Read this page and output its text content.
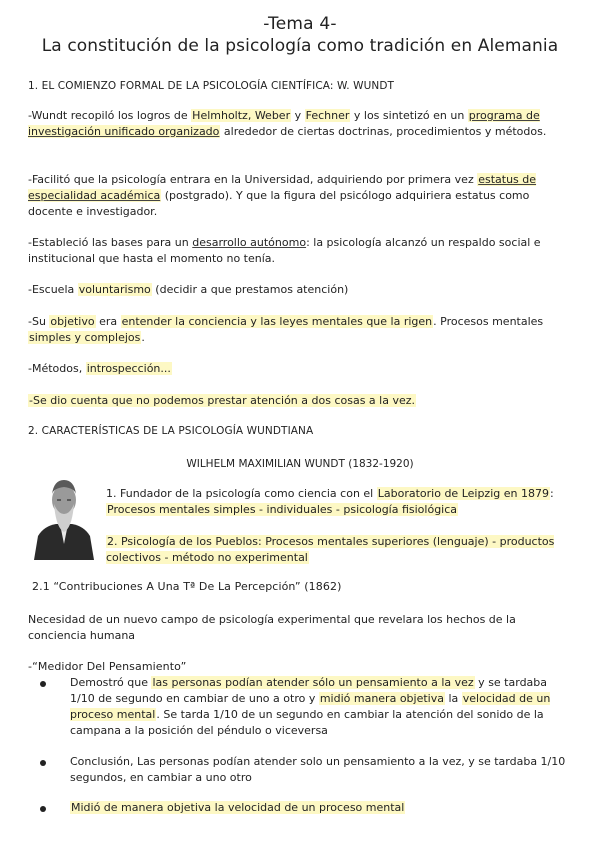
-Tema 4-
La constitución de la psicología como tradición en Alemania
1. EL COMIENZO FORMAL DE LA PSICOLOGÍA CIENTÍFICA: W. WUNDT
-Wundt recopiló los logros de Helmholtz, Weber y Fechner y los sintetizó en un programa de investigación unificado organizado alrededor de ciertas doctrinas, procedimientos y métodos.
-Facilitó que la psicología entrara en la Universidad, adquiriendo por primera vez estatus de especialidad académica (postgrado). Y que la figura del psicólogo adquiriera estatus como docente e investigador.
-Estableció las bases para un desarrollo autónomo: la psicología alcanzó un respaldo social e institucional que hasta el momento no tenía.
-Escuela voluntarismo (decidir a que prestamos atención)
-Su objetivo era entender la conciencia y las leyes mentales que la rigen. Procesos mentales simples y complejos.
-Métodos, introspección...
-Se dio cuenta que no podemos prestar atención a dos cosas a la vez.
2. CARACTERÍSTICAS DE LA PSICOLOGÍA WUNDTIANA
WILHELM MAXIMILIAN WUNDT (1832-1920)
1. Fundador de la psicología como ciencia con el Laboratorio de Leipzig en 1879: Procesos mentales simples - individuales - psicología fisiológica
2. Psicología de los Pueblos: Procesos mentales superiores (lenguaje) - productos colectivos - método no experimental
2.1 “Contribuciones A Una Tª De La Percepción” (1862)
Necesidad de un nuevo campo de psicología experimental que revelara los hechos de la conciencia humana
-“Medidor Del Pensamiento”
Demostró que las personas podían atender sólo un pensamiento a la vez y se tardaba 1/10 de segundo en cambiar de uno a otro y midió manera objetiva la velocidad de un proceso mental. Se tarda 1/10 de un segundo en cambiar la atención del sonido de la campana a la posición del péndulo o viceversa
Conclusión, Las personas podían atender solo un pensamiento a la vez, y se tardaba 1/10 segundos, en cambiar a uno otro
Midió de manera objetiva la velocidad de un proceso mental
